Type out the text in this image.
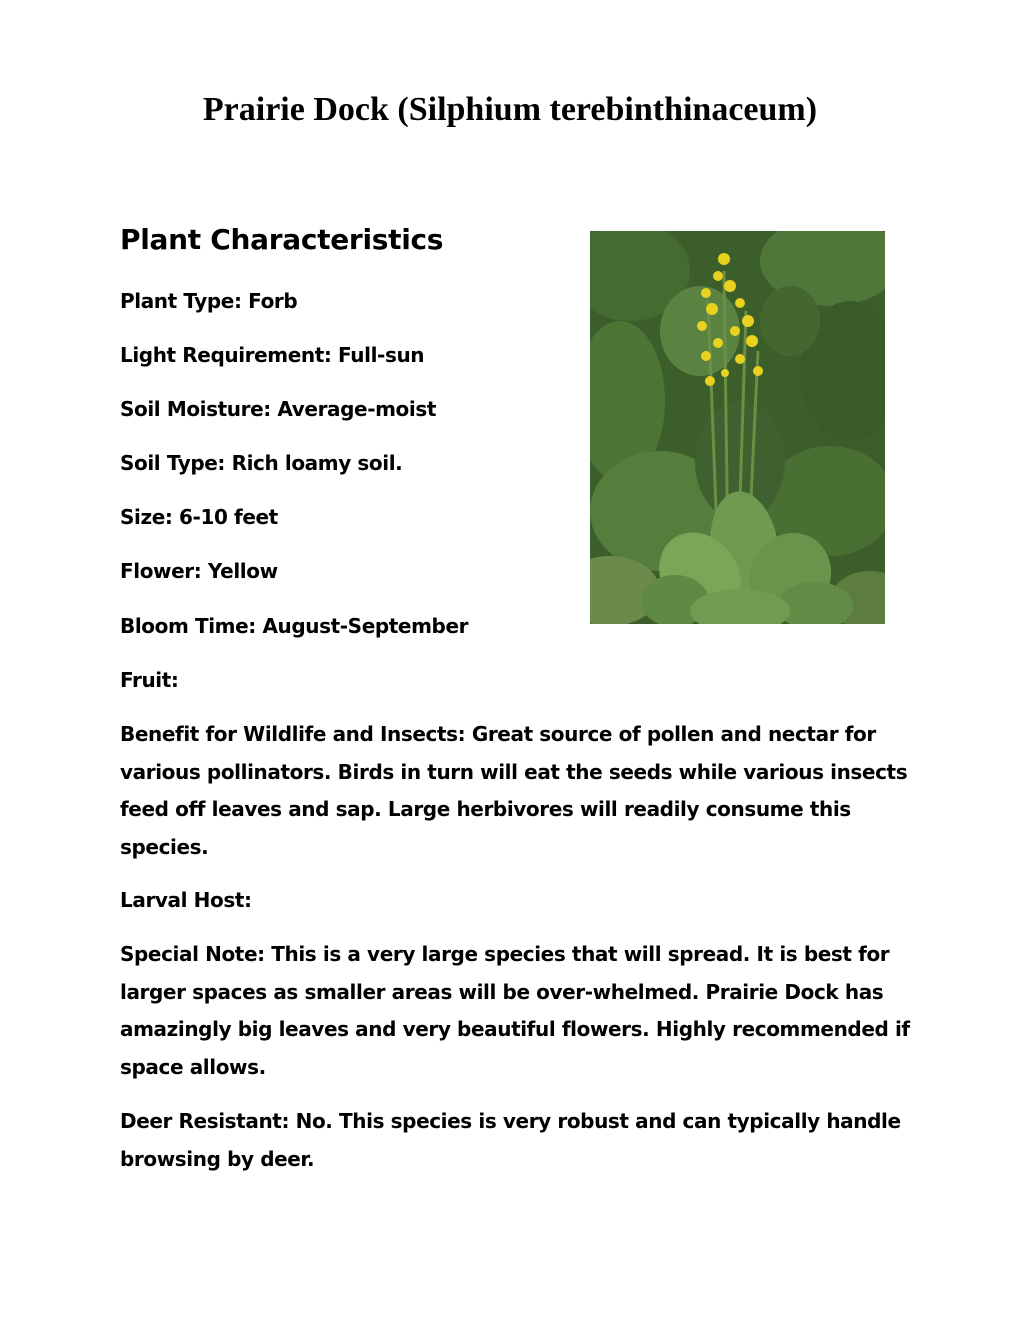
Prairie Dock (Silphium terebinthinaceum)
Plant Characteristics

Plant Type: Forb

Light Requirement: Full-sun

Soil Moisture: Average-moist

Soil Type: Rich loamy soil.

Size: 6-10 feet

Flower: Yellow

Bloom Time: August-September

Fruit:

Benefit for Wildlife and Insects: Great source of pollen and nectar for various pollinators. Birds in turn will eat the seeds while various insects feed off leaves and sap. Large herbivores will readily consume this species.

Larval Host:

Special Note: This is a very large species that will spread. It is best for larger spaces as smaller areas will be over-whelmed. Prairie Dock has amazingly big leaves and very beautiful flowers. Highly recommended if space allows.

Deer Resistant: No. This species is very robust and can typically handle browsing by deer.
